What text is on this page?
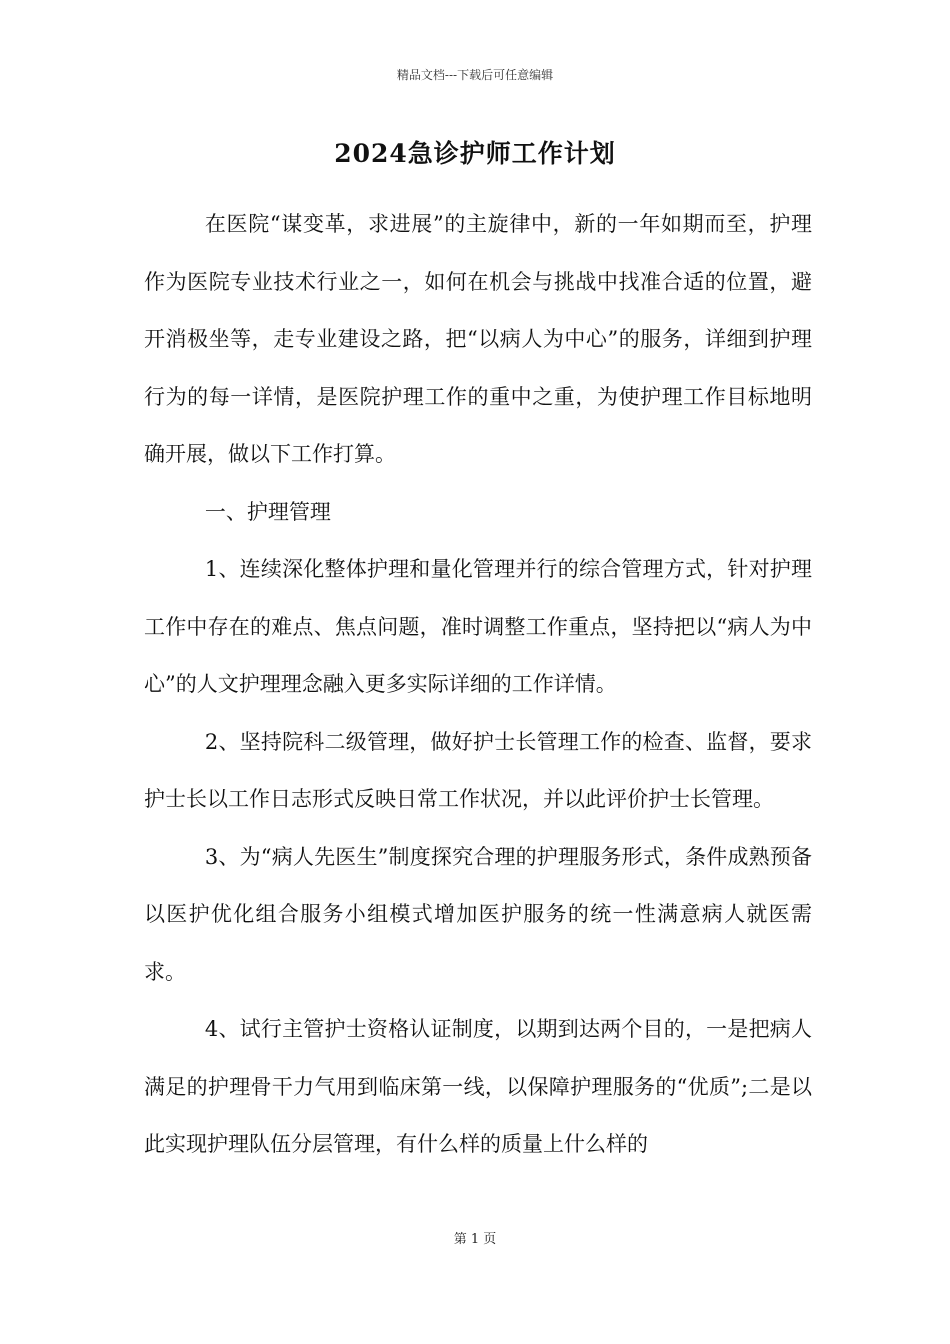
精品文档---下载后可任意编辑
2024急诊护师工作计划

在医院“谋变革，求进展”的主旋律中，新的一年如期而至，护理作为医院专业技术行业之一，如何在机会与挑战中找准合适的位置，避开消极坐等，走专业建设之路，把“以病人为中心”的服务，详细到护理行为的每一详情，是医院护理工作的重中之重，为使护理工作目标地明确开展，做以下工作打算。

一、护理管理

1、连续深化整体护理和量化管理并行的综合管理方式，针对护理工作中存在的难点、焦点问题，准时调整工作重点，坚持把以“病人为中心”的人文护理理念融入更多实际详细的工作详情。

2、坚持院科二级管理，做好护士长管理工作的检查、监督，要求护士长以工作日志形式反映日常工作状况，并以此评价护士长管理。

3、为“病人先医生”制度探究合理的护理服务形式，条件成熟预备以医护优化组合服务小组模式增加医护服务的统一性满意病人就医需求。

4、试行主管护士资格认证制度，以期到达两个目的，一是把病人满足的护理骨干力气用到临床第一线，以保障护理服务的“优质”;二是以此实现护理队伍分层管理，有什么样的质量上什么样的

第 1 页
